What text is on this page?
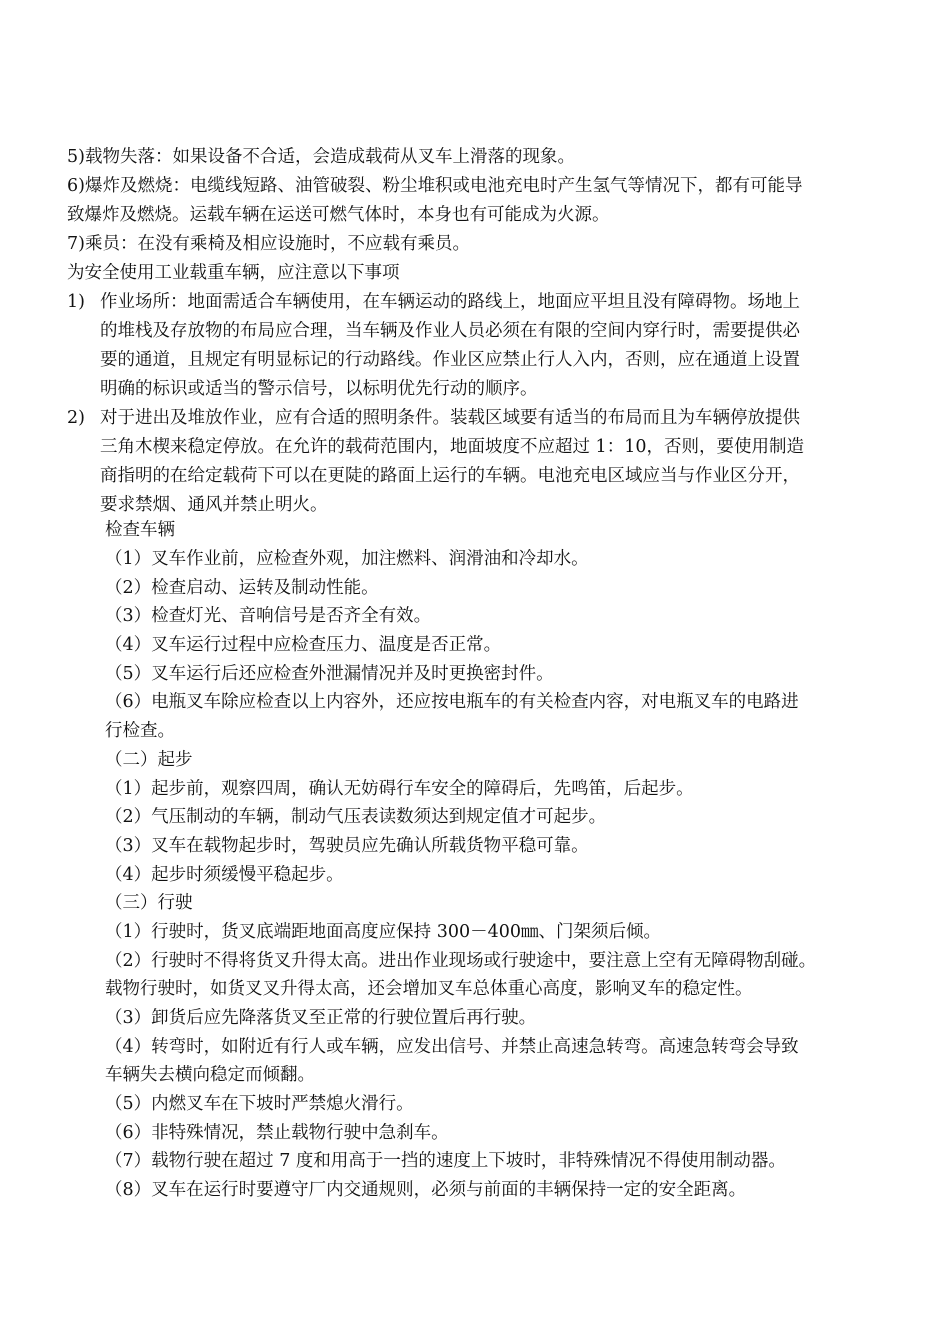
5)载物失落：如果设备不合适，会造成载荷从叉车上滑落的现象。
6)爆炸及燃烧：电缆线短路、油管破裂、粉尘堆积或电池充电时产生氢气等情况下，都有可能导
致爆炸及燃烧。运载车辆在运送可燃气体时，本身也有可能成为火源。
7)乘员：在没有乘椅及相应设施时，不应载有乘员。
为安全使用工业载重车辆，应注意以下事项
1) 作业场所：地面需适合车辆使用，在车辆运动的路线上，地面应平坦且没有障碍物。场地上
的堆栈及存放物的布局应合理，当车辆及作业人员必须在有限的空间内穿行时，需要提供必
要的通道，且规定有明显标记的行动路线。作业区应禁止行人入内，否则，应在通道上设置
明确的标识或适当的警示信号，以标明优先行动的顺序。
2) 对于进出及堆放作业，应有合适的照明条件。装载区域要有适当的布局而且为车辆停放提供
三角木楔来稳定停放。在允许的载荷范围内，地面坡度不应超过 1：10，否则，要使用制造
商指明的在给定载荷下可以在更陡的路面上运行的车辆。电池充电区域应当与作业区分开，
要求禁烟、通风并禁止明火。
检查车辆
（1）叉车作业前，应检查外观，加注燃料、润滑油和冷却水。
（2）检查启动、运转及制动性能。
（3）检查灯光、音响信号是否齐全有效。
（4）叉车运行过程中应检查压力、温度是否正常。
（5）叉车运行后还应检查外泄漏情况并及时更换密封件。
（6）电瓶叉车除应检查以上内容外，还应按电瓶车的有关检查内容，对电瓶叉车的电路进
行检查。
（二）起步
（1）起步前，观察四周，确认无妨碍行车安全的障碍后，先鸣笛，后起步。
（2）气压制动的车辆，制动气压表读数须达到规定值才可起步。
（3）叉车在载物起步时，驾驶员应先确认所载货物平稳可靠。
（4）起步时须缓慢平稳起步。
（三）行驶
（1）行驶时，货叉底端距地面高度应保持 300－400㎜、门架须后倾。
（2）行驶时不得将货叉升得太高。进出作业现场或行驶途中，要注意上空有无障碍物刮碰。
载物行驶时，如货叉叉升得太高，还会增加叉车总体重心高度，影响叉车的稳定性。
（3）卸货后应先降落货叉至正常的行驶位置后再行驶。
（4）转弯时，如附近有行人或车辆，应发出信号、并禁止高速急转弯。高速急转弯会导致
车辆失去横向稳定而倾翻。
（5）内燃叉车在下坡时严禁熄火滑行。
（6）非特殊情况，禁止载物行驶中急刹车。
（7）载物行驶在超过 7 度和用高于一挡的速度上下坡时，非特殊情况不得使用制动器。
（8）叉车在运行时要遵守厂内交通规则，必须与前面的丰辆保持一定的安全距离。
